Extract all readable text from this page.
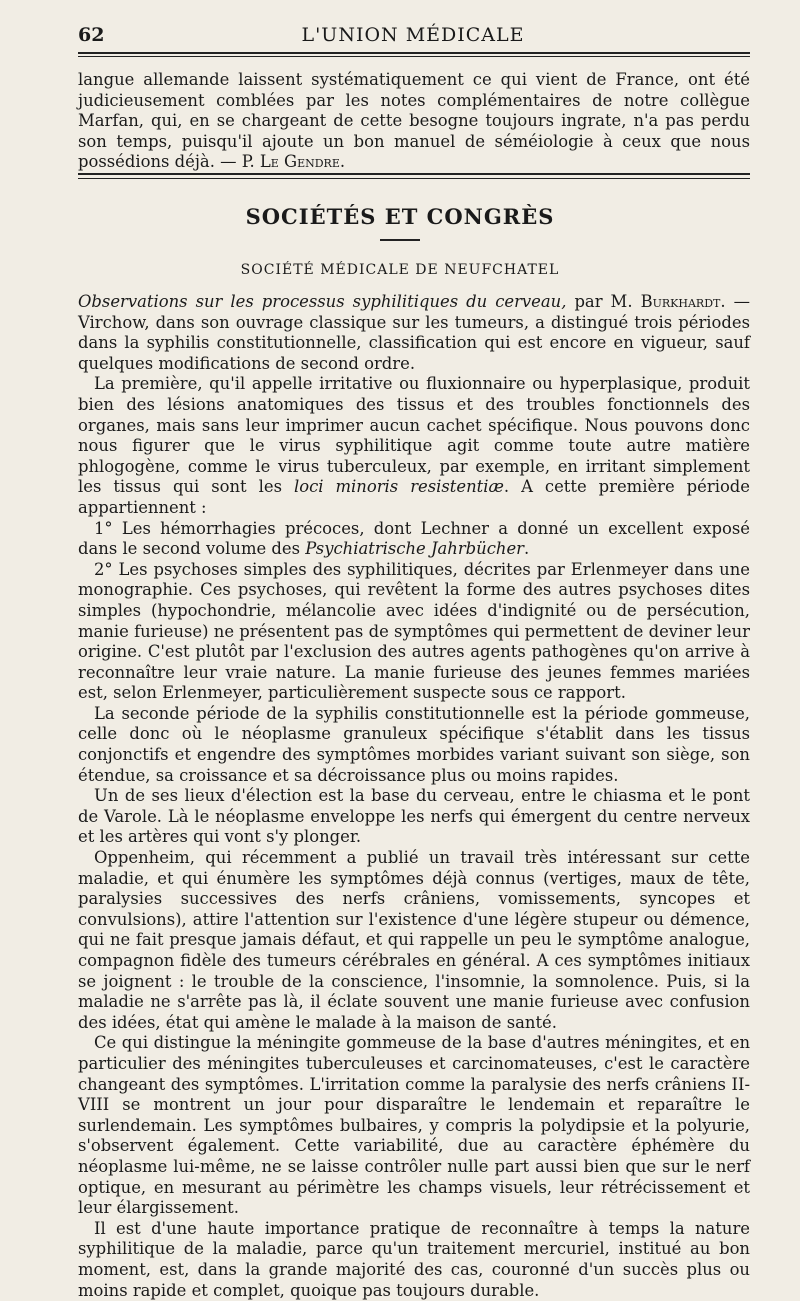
62	L'UNION MÉDICALE

langue allemande laissent systématiquement ce qui vient de France, ont été judicieusement comblées par les notes complémentaires de notre collègue Marfan, qui, en se chargeant de cette besogne toujours ingrate, n'a pas perdu son temps, puisqu'il ajoute un bon manuel de séméiologie à ceux que nous possédions déjà. — P. Le Gendre.

SOCIÉTÉS ET CONGRÈS
SOCIÉTÉ MÉDICALE DE NEUFCHATEL

Observations sur les processus syphilitiques du cerveau, par M. Burkhardt. — Virchow, dans son ouvrage classique sur les tumeurs, a distingué trois périodes dans la syphilis constitutionnelle, classification qui est encore en vigueur, sauf quelques modifications de second ordre.

La première, qu'il appelle irritative ou fluxionnaire ou hyperplasique, produit bien des lésions anatomiques des tissus et des troubles fonctionnels des organes, mais sans leur imprimer aucun cachet spécifique. Nous pouvons donc nous figurer que le virus syphilitique agit comme toute autre matière phlogogène, comme le virus tuberculeux, par exemple, en irritant simplement les tissus qui sont les loci minoris resistentiæ. A cette première période appartiennent :

1° Les hémorrhagies précoces, dont Lechner a donné un excellent exposé dans le second volume des Psychiatrische Jahrbücher.

2° Les psychoses simples des syphilitiques, décrites par Erlenmeyer dans une monographie. Ces psychoses, qui revêtent la forme des autres psychoses dites simples (hypochondrie, mélancolie avec idées d'indignité ou de persécution, manie furieuse) ne présentent pas de symptômes qui permettent de deviner leur origine. C'est plutôt par l'exclusion des autres agents pathogènes qu'on arrive à reconnaître leur vraie nature. La manie furieuse des jeunes femmes mariées est, selon Erlenmeyer, particulièrement suspecte sous ce rapport.

La seconde période de la syphilis constitutionnelle est la période gommeuse, celle donc où le néoplasme granuleux spécifique s'établit dans les tissus conjonctifs et engendre des symptômes morbides variant suivant son siège, son étendue, sa croissance et sa décroissance plus ou moins rapides.

Un de ses lieux d'élection est la base du cerveau, entre le chiasma et le pont de Varole. Là le néoplasme enveloppe les nerfs qui émergent du centre nerveux et les artères qui vont s'y plonger.

Oppenheim, qui récemment a publié un travail très intéressant sur cette maladie, et qui énumère les symptômes déjà connus (vertiges, maux de tête, paralysies successives des nerfs crâniens, vomissements, syncopes et convulsions), attire l'attention sur l'existence d'une légère stupeur ou démence, qui ne fait presque jamais défaut, et qui rappelle un peu le symptôme analogue, compagnon fidèle des tumeurs cérébrales en général. A ces symptômes initiaux se joignent : le trouble de la conscience, l'insomnie, la somnolence. Puis, si la maladie ne s'arrête pas là, il éclate souvent une manie furieuse avec confusion des idées, état qui amène le malade à la maison de santé.

Ce qui distingue la méningite gommeuse de la base d'autres méningites, et en particulier des méningites tuberculeuses et carcinomateuses, c'est le caractère changeant des symptômes. L'irritation comme la paralysie des nerfs crâniens II-VIII se montrent un jour pour disparaître le lendemain et reparaître le surlendemain. Les symptômes bulbaires, y compris la polydipsie et la polyurie, s'observent également. Cette variabilité, due au caractère éphémère du néoplasme lui-même, ne se laisse contrôler nulle part aussi bien que sur le nerf optique, en mesurant au périmètre les champs visuels, leur rétrécissement et leur élargissement.

Il est d'une haute importance pratique de reconnaître à temps la nature syphilitique de la maladie, parce qu'un traitement mercuriel, institué au bon moment, est, dans la grande majorité des cas, couronné d'un succès plus ou moins rapide et complet, quoique pas toujours durable.
